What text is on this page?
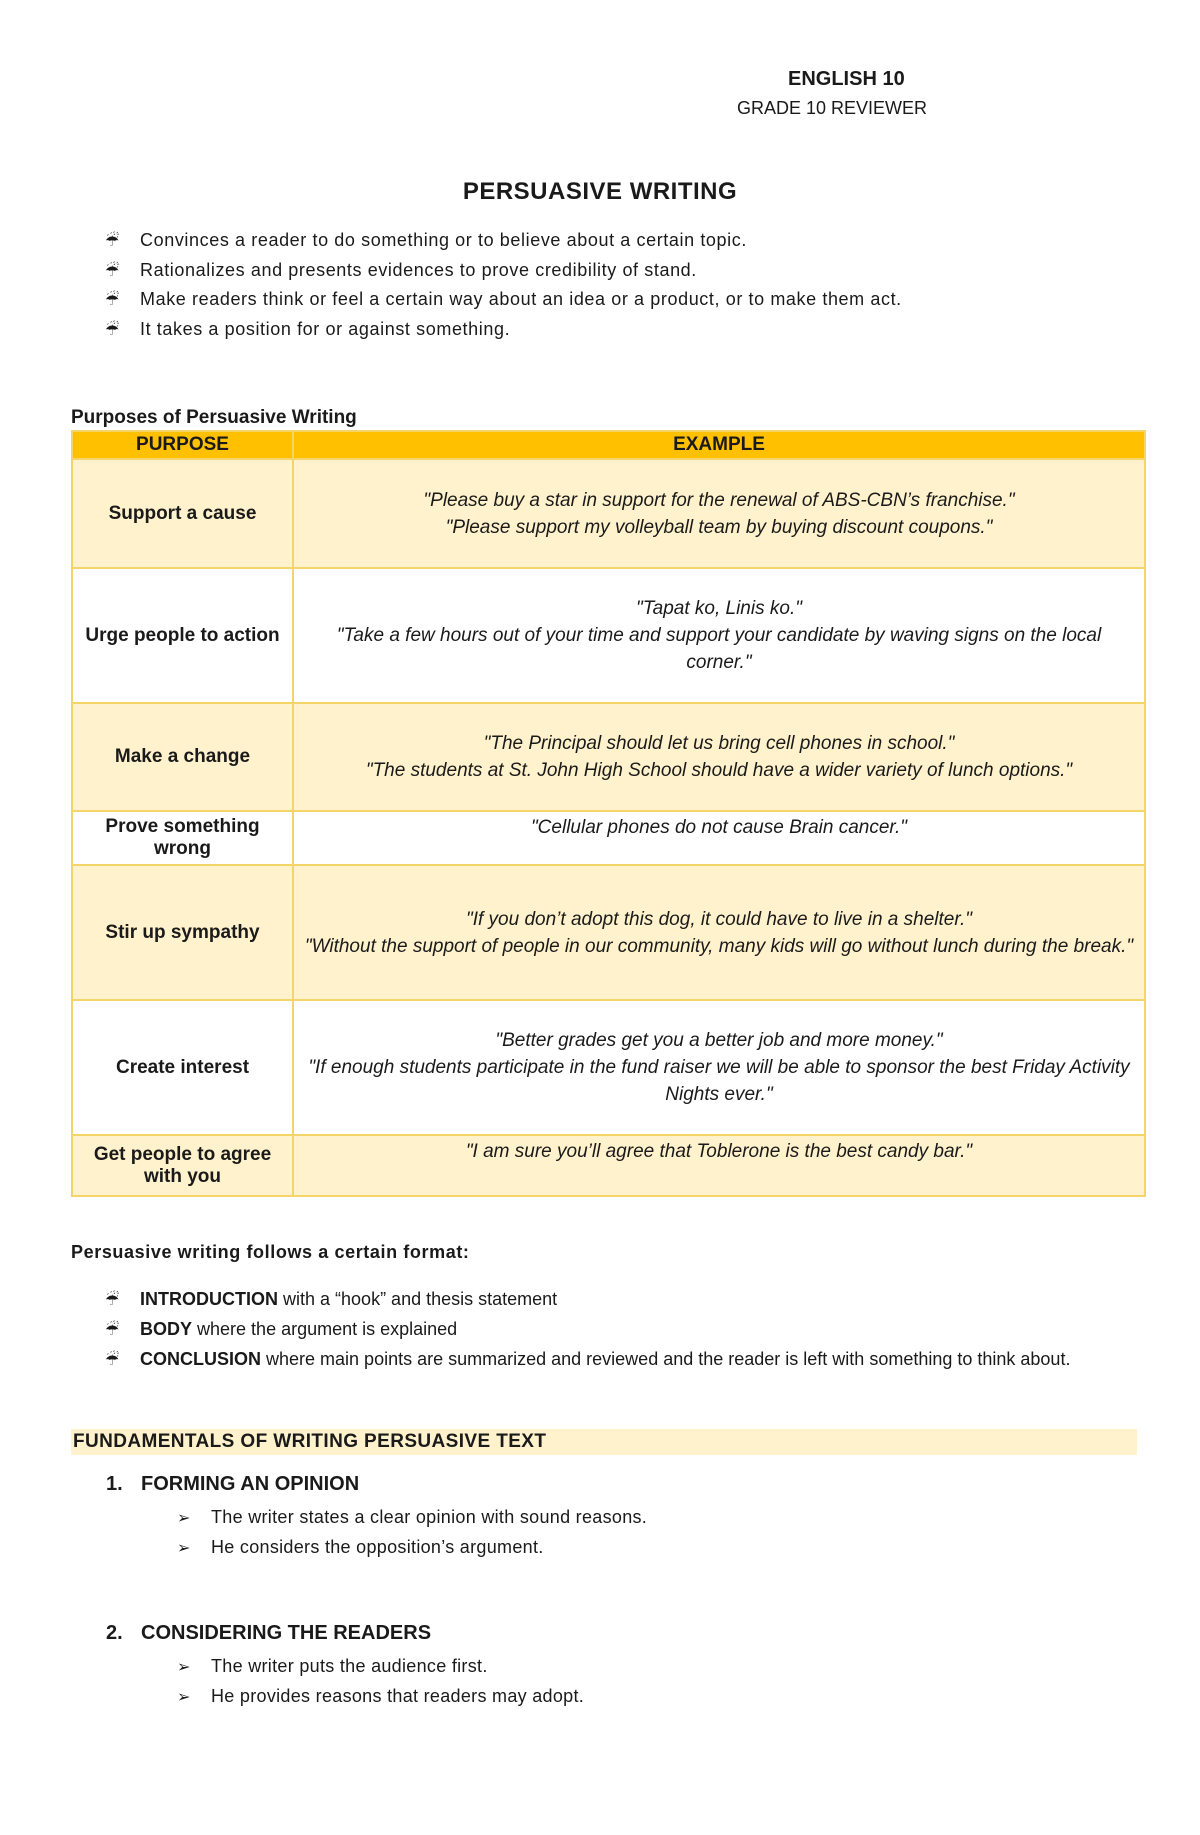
ENGLISH 10
GRADE 10 REVIEWER
PERSUASIVE WRITING
☔ Convinces a reader to do something or to believe about a certain topic.
☔ Rationalizes and presents evidences to prove credibility of stand.
☔ Make readers think or feel a certain way about an idea or a product, or to make them act.
☔ It takes a position for or against something.
Purposes of Persuasive Writing
PURPOSE	EXAMPLE
Support a cause	"Please buy a star in support for the renewal of ABS-CBN’s franchise."
"Please support my volleyball team by buying discount coupons."

Urge people to action	"Tapat ko, Linis ko."
"Take a few hours out of your time and support your candidate by waving signs on the local corner."

Make a change	"The Principal should let us bring cell phones in school."
"The students at St. John High School should have a wider variety of lunch options."

Prove something wrong	"Cellular phones do not cause Brain cancer."

Stir up sympathy	"If you don’t adopt this dog, it could have to live in a shelter."
"Without the support of people in our community, many kids will go without lunch during the break."

Create interest	"Better grades get you a better job and more money."
"If enough students participate in the fund raiser we will be able to sponsor the best Friday Activity Nights ever."

Get people to agree with you	"I am sure you’ll agree that Toblerone is the best candy bar."
Persuasive writing follows a certain format:
☔ INTRODUCTION with a “hook” and thesis statement
☔ BODY where the argument is explained
☔ CONCLUSION where main points are summarized and reviewed and the reader is left with something to think about.
FUNDAMENTALS OF WRITING PERSUASIVE TEXT
1. FORMING AN OPINION
➢ The writer states a clear opinion with sound reasons.
➢ He considers the opposition’s argument.
2. CONSIDERING THE READERS
➢ The writer puts the audience first.
➢ He provides reasons that readers may adopt.
